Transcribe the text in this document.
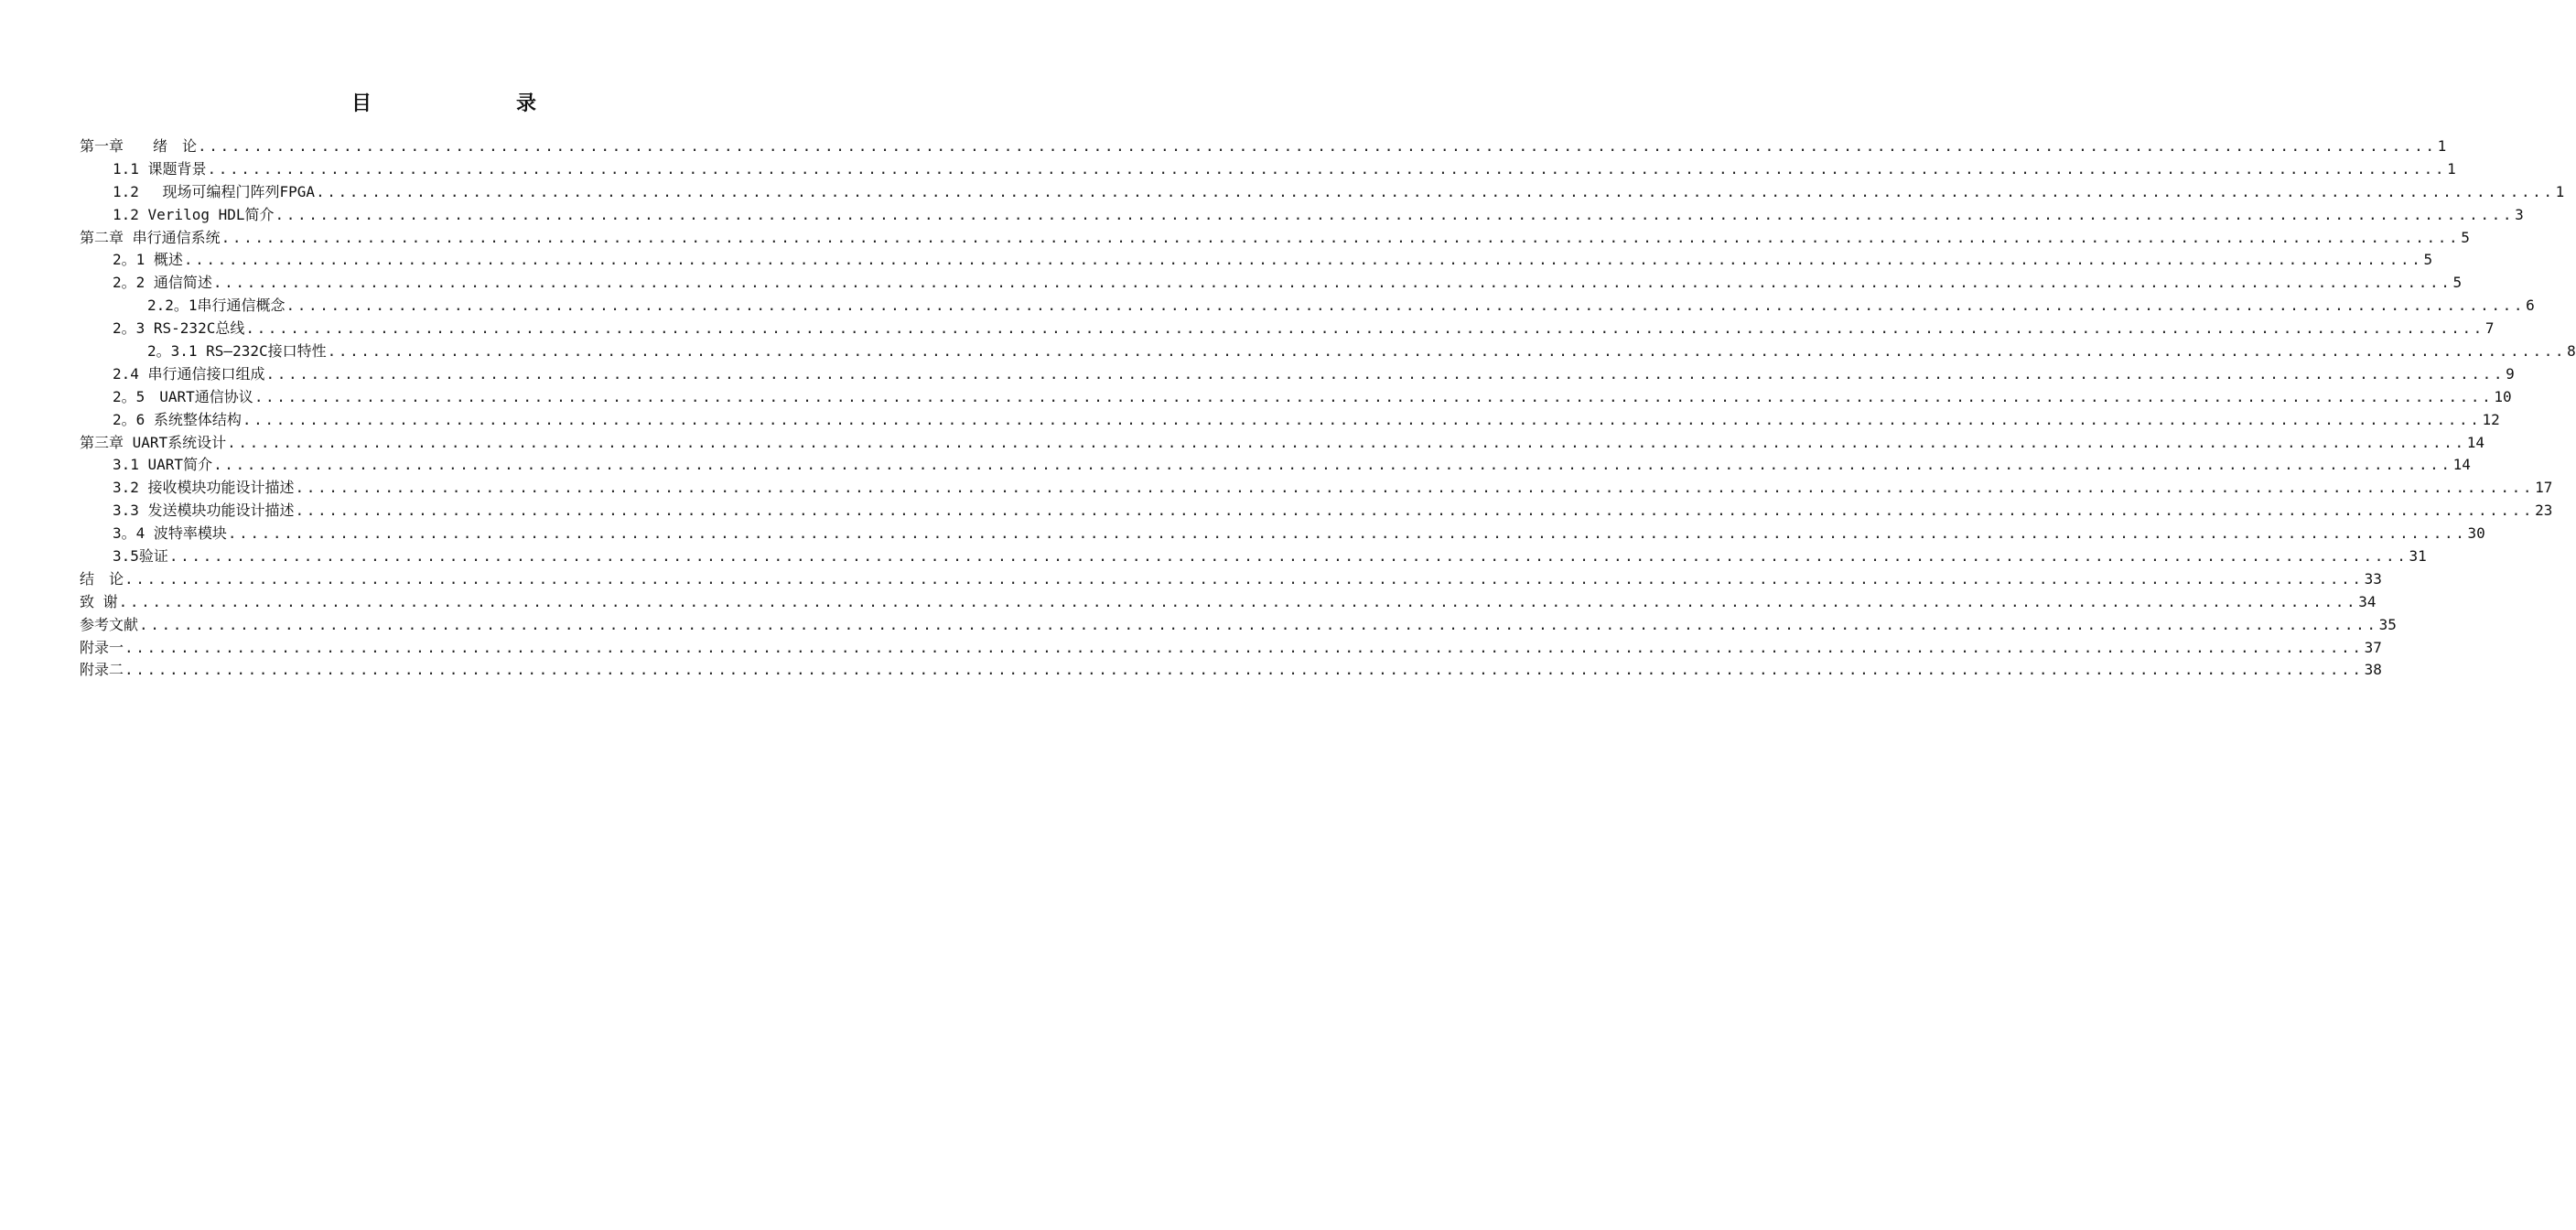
目　　录
第一章　　绪　论 ........................................................................................................................................................................................................ 1
1.1 课题背景 ........................................................................................................................................................................................................ 1
1.2　 现场可编程门阵列FPGA ........................................................................................................................................................................................................ 1
1.2 Verilog HDL简介 ........................................................................................................................................................................................................ 3
第二章 串行通信系统 ........................................................................................................................................................................................................ 5
2。1 概述 ........................................................................................................................................................................................................ 5
2。2 通信简述 ........................................................................................................................................................................................................ 5
2.2。1串行通信概念 ........................................................................................................................................................................................................ 6
2。3 RS-232C总线 ........................................................................................................................................................................................................ 7
2。3.1 RS—232C接口特性 ........................................................................................................................................................................................................ 8
2.4 串行通信接口组成 ........................................................................................................................................................................................................ 9
2。5　UART通信协议 ........................................................................................................................................................................................................ 10
2。6 系统整体结构 ........................................................................................................................................................................................................ 12
第三章 UART系统设计 ........................................................................................................................................................................................................ 14
3.1 UART简介 ........................................................................................................................................................................................................ 14
3.2 接收模块功能设计描述 ........................................................................................................................................................................................................ 17
3.3 发送模块功能设计描述 ........................................................................................................................................................................................................ 23
3。4 波特率模块 ........................................................................................................................................................................................................ 30
3.5验证 ........................................................................................................................................................................................................ 31
结　论 ........................................................................................................................................................................................................ 33
致 谢 ........................................................................................................................................................................................................ 34
参考文献 ........................................................................................................................................................................................................ 35
附录一 ........................................................................................................................................................................................................ 37
附录二 ........................................................................................................................................................................................................ 38
